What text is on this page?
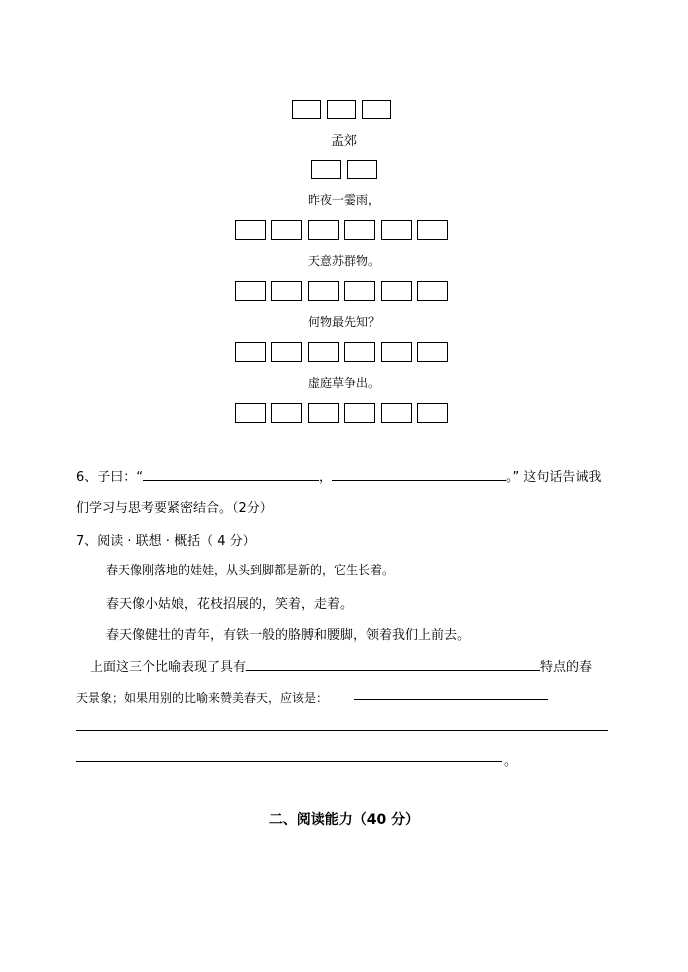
孟郊
昨夜一霎雨，
天意苏群物。
何物最先知？
虚庭草争出。
6、子曰：“	，	。” 这句话告诫我
们学习与思考要紧密结合。（2分）
7、阅读 · 联想 · 概括（ 4 分）
春天像刚落地的娃娃，从头到脚都是新的，它生长着。
春天像小姑娘，花枝招展的，笑着，走着。
春天像健壮的青年，有铁一般的胳膊和腰脚，领着我们上前去。
上面这三个比喻表现了具有	特点的春
天景象；如果用别的比喻来赞美春天，应该是：
。
二、阅读能力（40 分）
